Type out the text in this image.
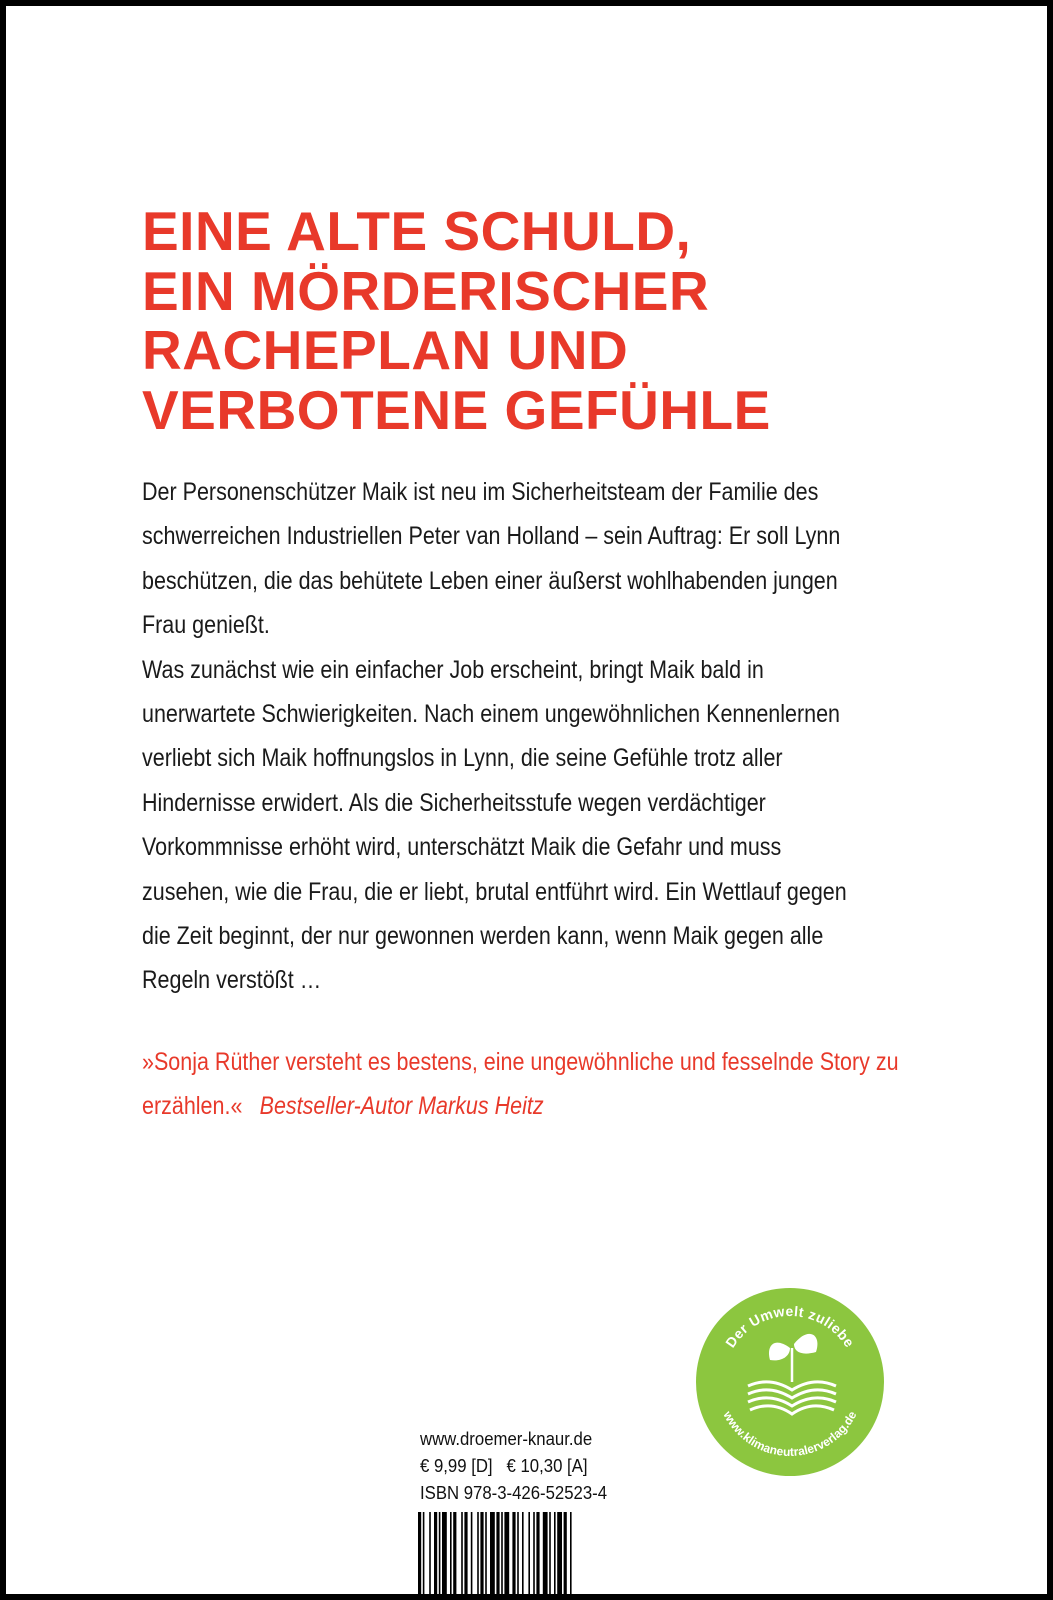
EINE ALTE SCHULD,
EIN MÖRDERISCHER
RACHEPLAN UND
VERBOTENE GEFÜHLE

Der Personenschützer Maik ist neu im Sicherheitsteam der Familie des schwerreichen Industriellen Peter van Holland – sein Auftrag: Er soll Lynn beschützen, die das behütete Leben einer äußerst wohlhabenden jungen Frau genießt.

Was zunächst wie ein einfacher Job erscheint, bringt Maik bald in unerwartete Schwierigkeiten. Nach einem ungewöhnlichen Kennenlernen verliebt sich Maik hoffnungslos in Lynn, die seine Gefühle trotz aller Hindernisse erwidert. Als die Sicherheitsstufe wegen verdächtiger Vorkommnisse erhöht wird, unterschätzt Maik die Gefahr und muss zusehen, wie die Frau, die er liebt, brutal entführt wird. Ein Wettlauf gegen die Zeit beginnt, der nur gewonnen werden kann, wenn Maik gegen alle Regeln verstößt …

»Sonja Rüther versteht es bestens, eine ungewöhnliche und fesselnde Story zu erzählen.« Bestseller-Autor Markus Heitz

www.droemer-knaur.de
€ 9,99 [D]   € 10,30 [A]
ISBN 978-3-426-52523-4
Der Umwelt zuliebe
www.klimaneutralerverlag.de
